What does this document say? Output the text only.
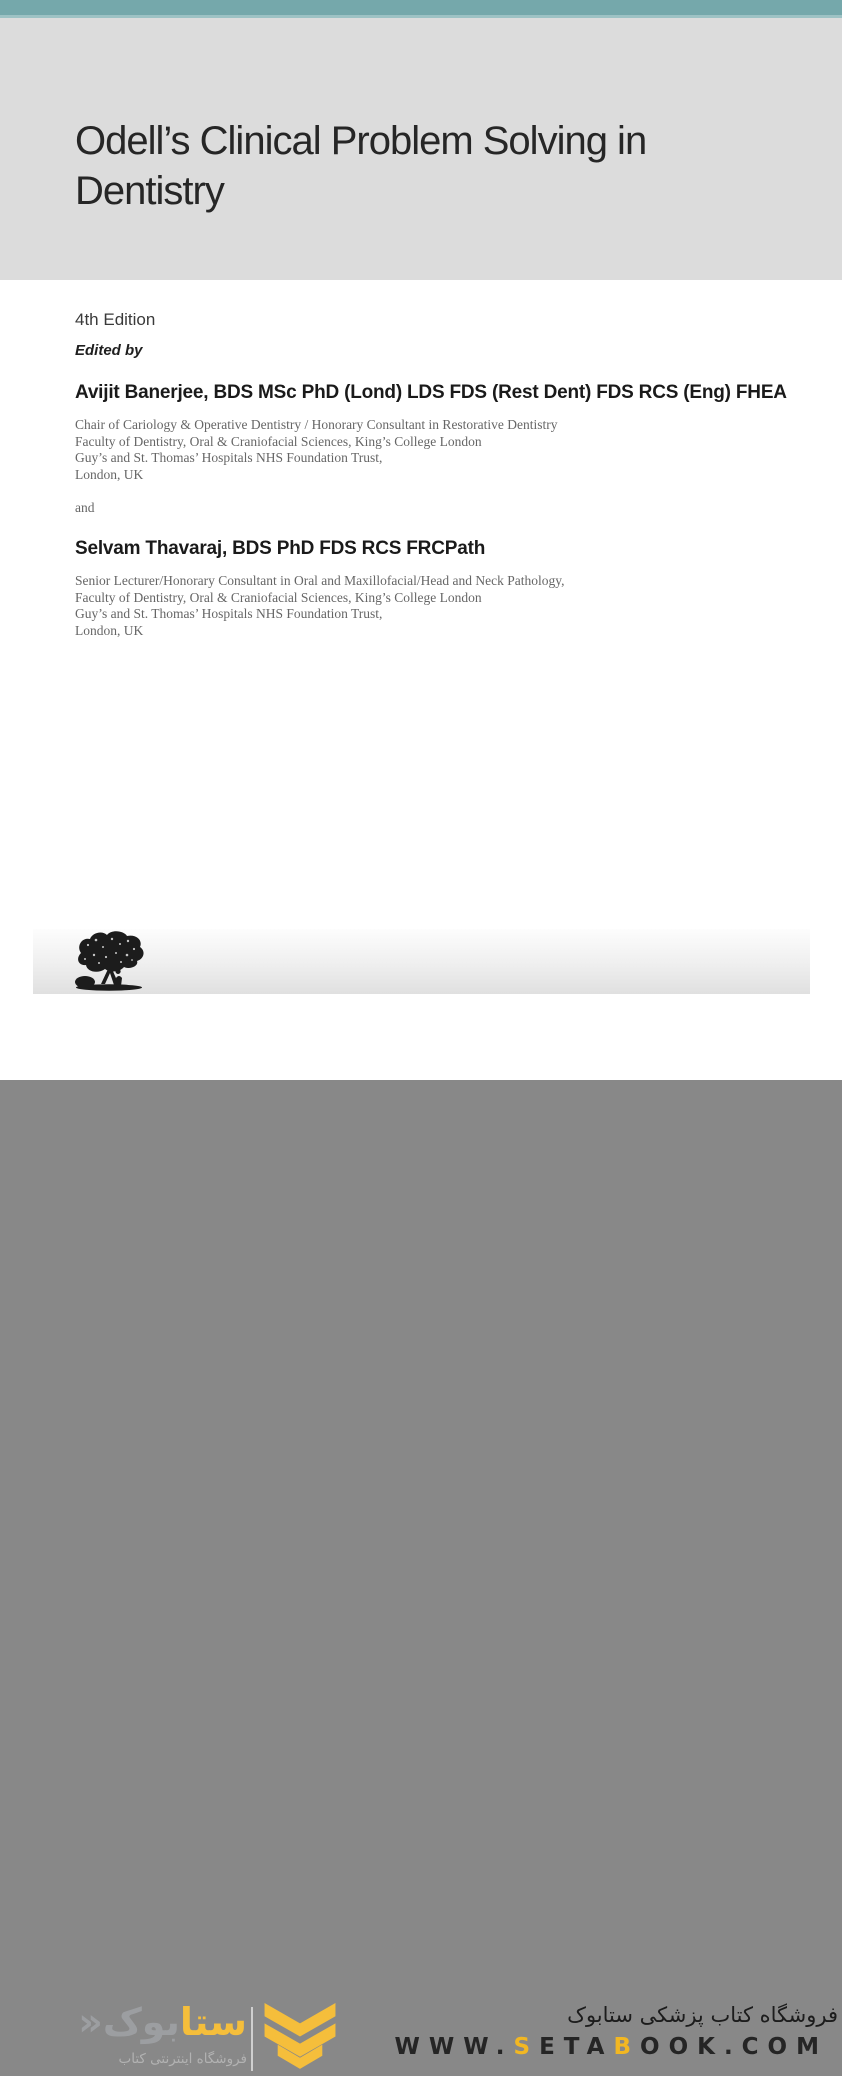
Odell’s Clinical Problem Solving in
Dentistry
4th Edition
Edited by
Avijit Banerjee, BDS MSc PhD (Lond) LDS FDS (Rest Dent) FDS RCS (Eng) FHEA
Chair of Cariology & Operative Dentistry / Honorary Consultant in Restorative Dentistry
Faculty of Dentistry, Oral & Craniofacial Sciences, King’s College London
Guy’s and St. Thomas’ Hospitals NHS Foundation Trust,
London, UK
and
Selvam Thavaraj, BDS PhD FDS RCS FRCPath
Senior Lecturer/Honorary Consultant in Oral and Maxillofacial/Head and Neck Pathology,
Faculty of Dentistry, Oral & Craniofacial Sciences, King’s College London
Guy’s and St. Thomas’ Hospitals NHS Foundation Trust,
London, UK
ستابوک«
فروشگاه اینترنتی کتاب
فروشگاه کتاب پزشکی ستابوک
WWW.SETABOOK.COM
